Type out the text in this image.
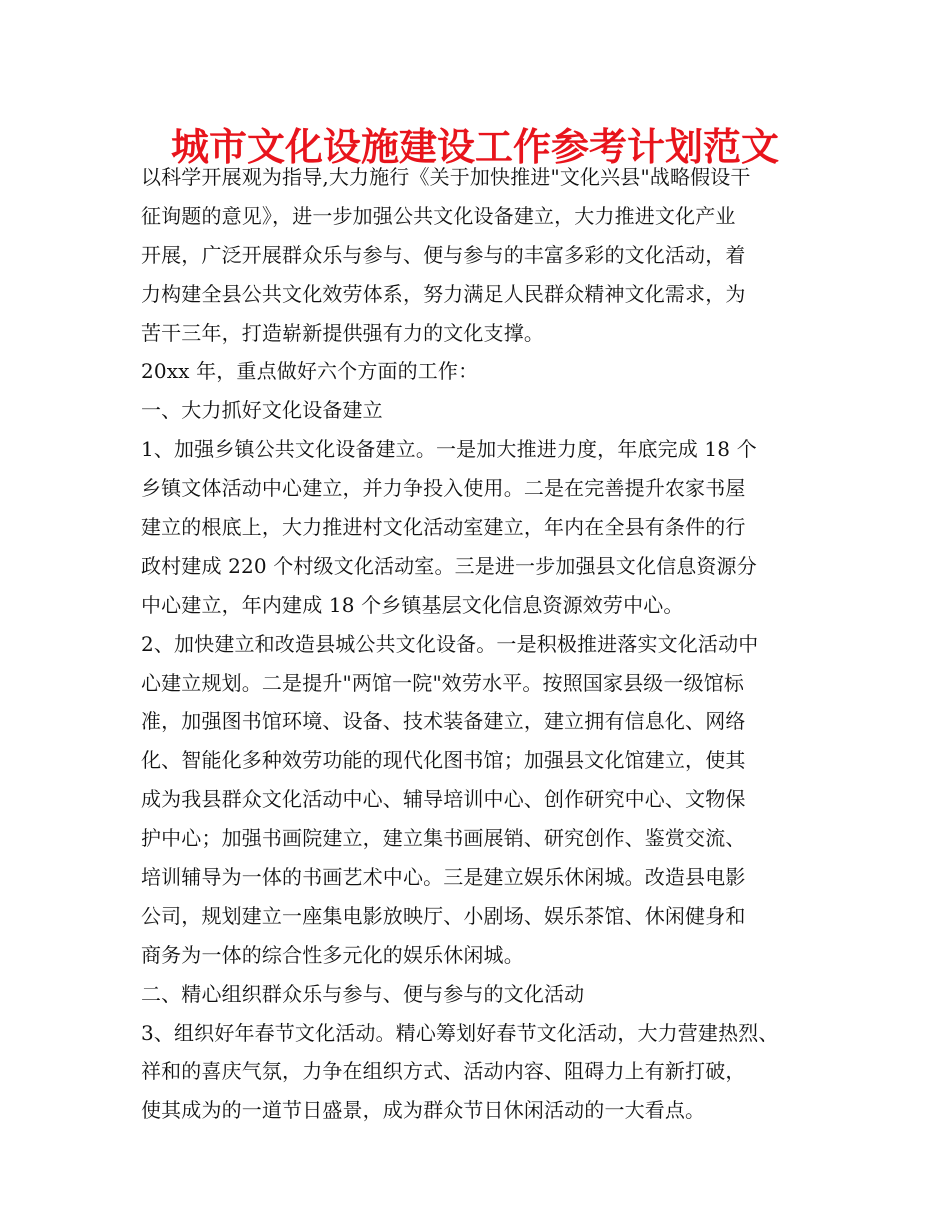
城市文化设施建设工作参考计划范文
以科学开展观为指导,大力施行《关于加快推进"文化兴县"战略假设干
征询题的意见》，进一步加强公共文化设备建立，大力推进文化产业
开展，广泛开展群众乐与参与、便与参与的丰富多彩的文化活动，着
力构建全县公共文化效劳体系，努力满足人民群众精神文化需求，为
苦干三年，打造崭新提供强有力的文化支撑。
20xx 年，重点做好六个方面的工作：
一、大力抓好文化设备建立
1、加强乡镇公共文化设备建立。一是加大推进力度，年底完成 18 个
乡镇文体活动中心建立，并力争投入使用。二是在完善提升农家书屋
建立的根底上，大力推进村文化活动室建立，年内在全县有条件的行
政村建成 220 个村级文化活动室。三是进一步加强县文化信息资源分
中心建立，年内建成 18 个乡镇基层文化信息资源效劳中心。
2、加快建立和改造县城公共文化设备。一是积极推进落实文化活动中
心建立规划。二是提升"两馆一院"效劳水平。按照国家县级一级馆标
准，加强图书馆环境、设备、技术装备建立，建立拥有信息化、网络
化、智能化多种效劳功能的现代化图书馆；加强县文化馆建立，使其
成为我县群众文化活动中心、辅导培训中心、创作研究中心、文物保
护中心；加强书画院建立，建立集书画展销、研究创作、鉴赏交流、
培训辅导为一体的书画艺术中心。三是建立娱乐休闲城。改造县电影
公司，规划建立一座集电影放映厅、小剧场、娱乐茶馆、休闲健身和
商务为一体的综合性多元化的娱乐休闲城。
二、精心组织群众乐与参与、便与参与的文化活动
3、组织好年春节文化活动。精心筹划好春节文化活动，大力营建热烈、
祥和的喜庆气氛，力争在组织方式、活动内容、阻碍力上有新打破，
使其成为的一道节日盛景，成为群众节日休闲活动的一大看点。
